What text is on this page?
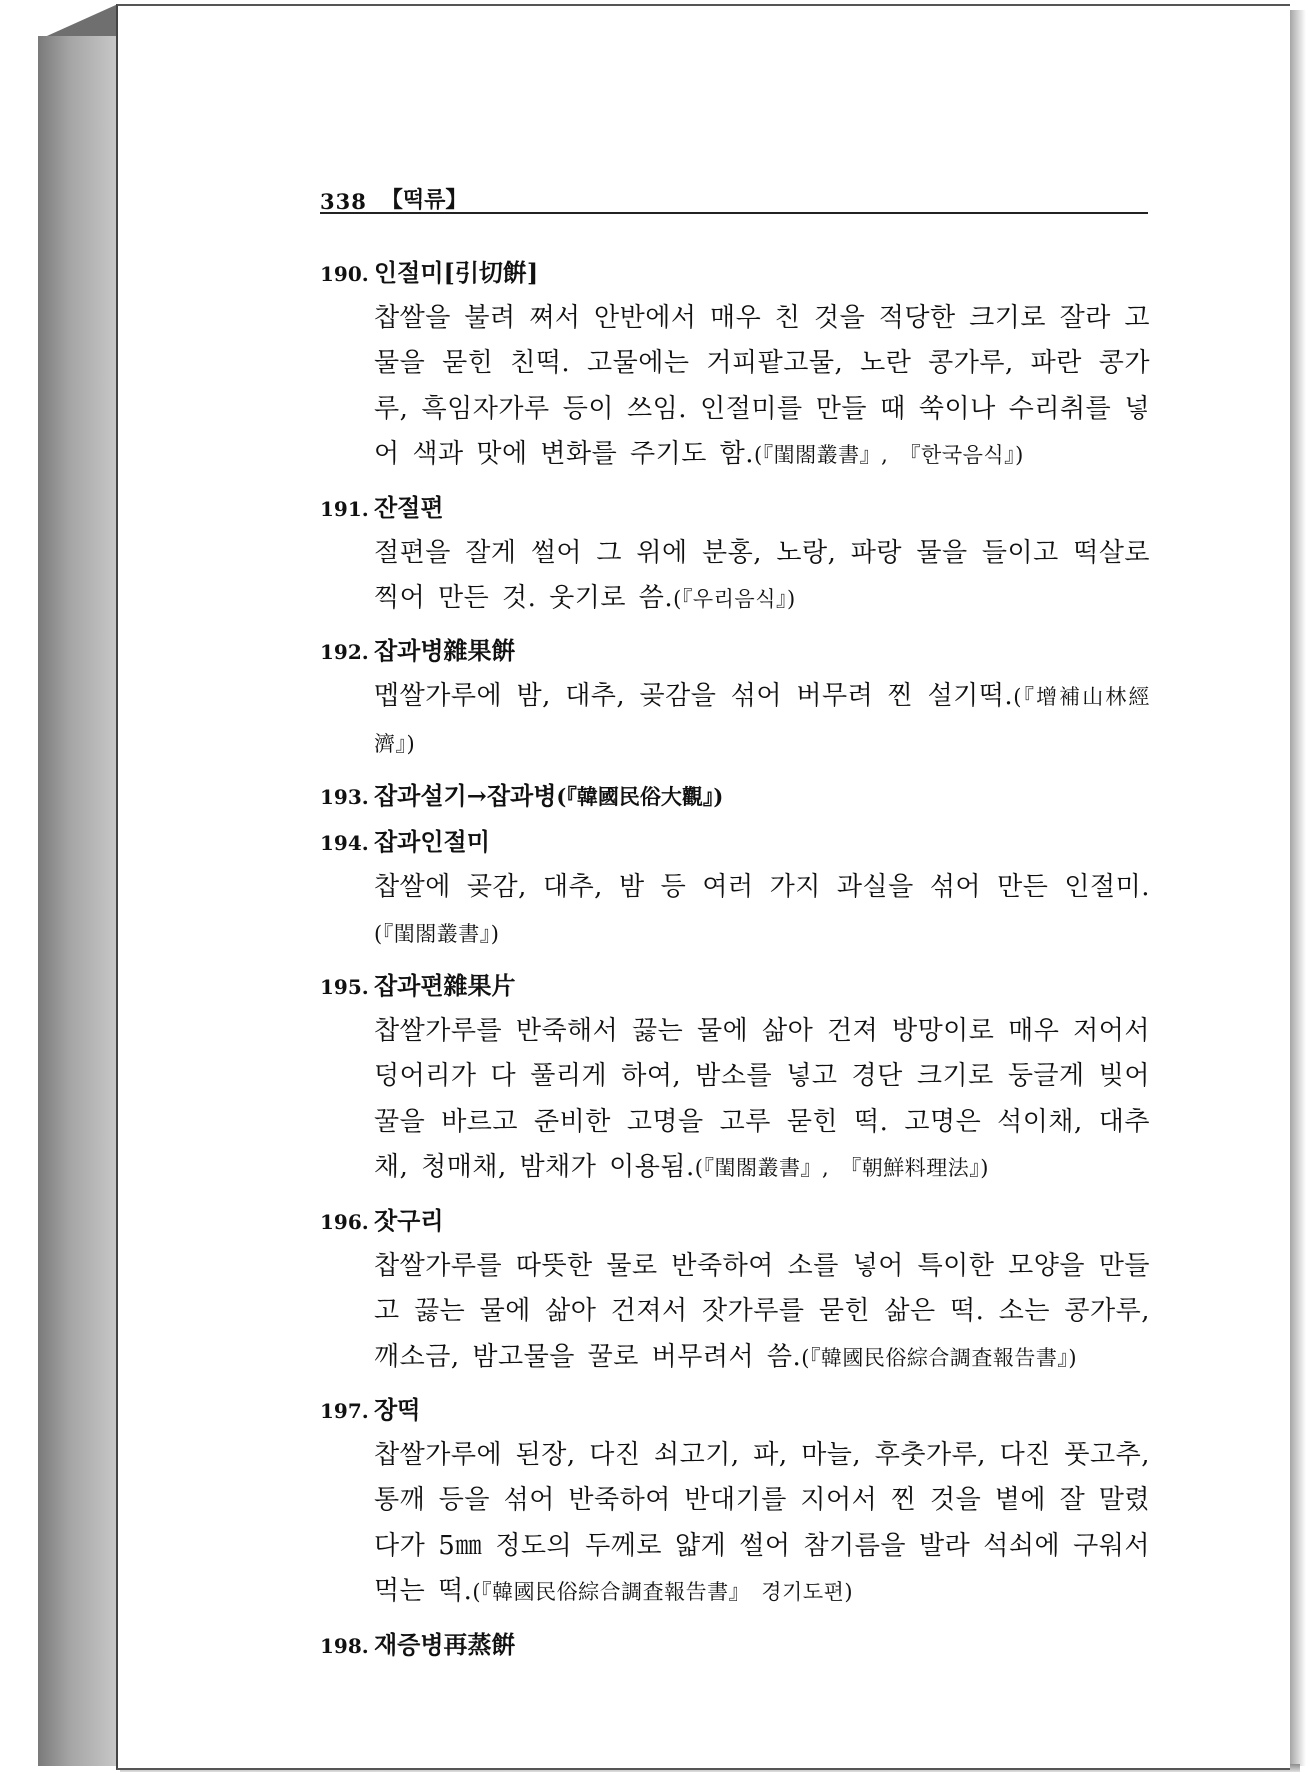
338 【떡류】
190. 인절미[引切餠]

찹쌀을 불려 쪄서 안반에서 매우 친 것을 적당한 크기로 잘라 고물을 묻힌 친떡. 고물에는 거피팥고물, 노란 콩가루, 파란 콩가루, 흑임자가루 등이 쓰임. 인절미를 만들 때 쑥이나 수리취를 넣어 색과 맛에 변화를 주기도 함.(『閨閤叢書』, 『한국음식』)

191. 잔절편

절편을 잘게 썰어 그 위에 분홍, 노랑, 파랑 물을 들이고 떡살로 찍어 만든 것. 웃기로 씀.(『우리음식』)

192. 잡과병雜果餠

멥쌀가루에 밤, 대추, 곶감을 섞어 버무려 찐 설기떡.(『增補山林經濟』)

193. 잡과설기→잡과병 (『韓國民俗大觀』)
194. 잡과인절미

찹쌀에 곶감, 대추, 밤 등 여러 가지 과실을 섞어 만든 인절미. (『閨閤叢書』)

195. 잡과편雜果片

찹쌀가루를 반죽해서 끓는 물에 삶아 건져 방망이로 매우 저어서 덩어리가 다 풀리게 하여, 밤소를 넣고 경단 크기로 둥글게 빚어 꿀을 바르고 준비한 고명을 고루 묻힌 떡. 고명은 석이채, 대추채, 청매채, 밤채가 이용됨.(『閨閤叢書』, 『朝鮮料理法』)

196. 잣구리

찹쌀가루를 따뜻한 물로 반죽하여 소를 넣어 특이한 모양을 만들고 끓는 물에 삶아 건져서 잣가루를 묻힌 삶은 떡. 소는 콩가루, 깨소금, 밤고물을 꿀로 버무려서 씀.(『韓國民俗綜合調査報告書』)

197. 장떡

찹쌀가루에 된장, 다진 쇠고기, 파, 마늘, 후춧가루, 다진 풋고추, 통깨 등을 섞어 반죽하여 반대기를 지어서 찐 것을 볕에 잘 말렸다가 5㎜ 정도의 두께로 얇게 썰어 참기름을 발라 석쇠에 구워서 먹는 떡.(『韓國民俗綜合調査報告書』 경기도편)

198. 재증병再蒸餠
